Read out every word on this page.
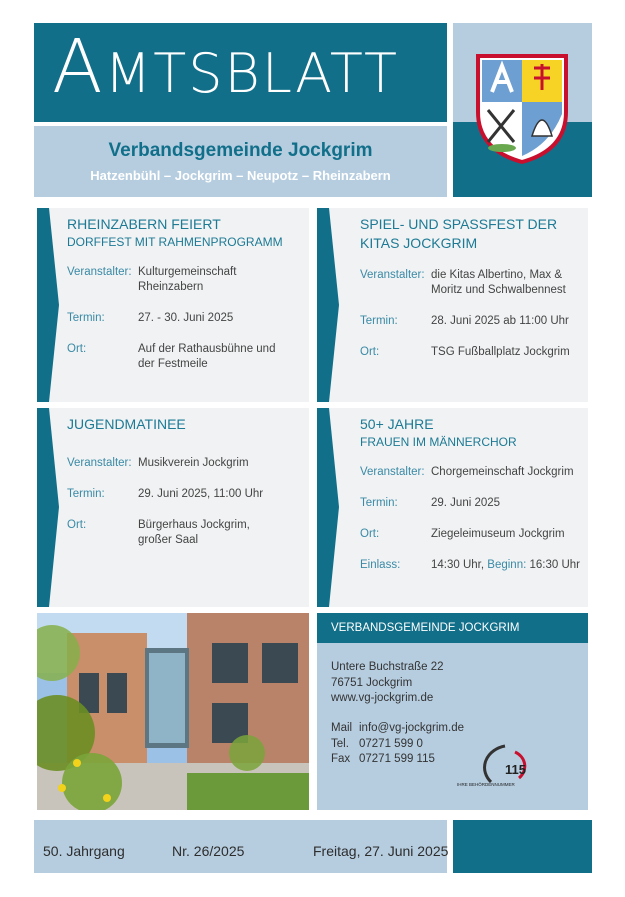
AMTSBLATT
Verbandsgemeinde Jockgrim
Hatzenbühl – Jockgrim – Neupotz – Rheinzabern
RHEINZABERN FEIERT
DORFFEST MIT RAHMENPROGRAMM
Veranstalter: Kulturgemeinschaft
Rheinzabern
Termin:	27. - 30. Juni 2025
Ort:	Auf der Rathausbühne und
der Festmeile
SPIEL- UND SPASSFEST DER
KITAS JOCKGRIM
Veranstalter: die Kitas Albertino, Max &
Moritz und Schwalbennest
Termin:	28. Juni 2025 ab 11:00 Uhr
Ort:	TSG Fußballplatz Jockgrim
JUGENDMATINEE
Veranstalter: Musikverein Jockgrim
Termin:	29. Juni 2025, 11:00 Uhr
Ort:	Bürgerhaus Jockgrim,
großer Saal
50+ JAHRE
FRAUEN IM MÄNNERCHOR
Veranstalter: Chorgemeinschaft Jockgrim
Termin:	29. Juni 2025
Ort:	Ziegeleimuseum Jockgrim
Einlass:	14:30 Uhr, Beginn: 16:30 Uhr
VERBANDSGEMEINDE JOCKGRIM
Untere Buchstraße 22
76751 Jockgrim
www.vg-jockgrim.de
Mail info@vg-jockgrim.de
Tel. 07271 599 0
Fax 07271 599 115
115
IHRE BEHÖRDENNUMMER
50. Jahrgang	Nr. 26/2025	Freitag, 27. Juni 2025
